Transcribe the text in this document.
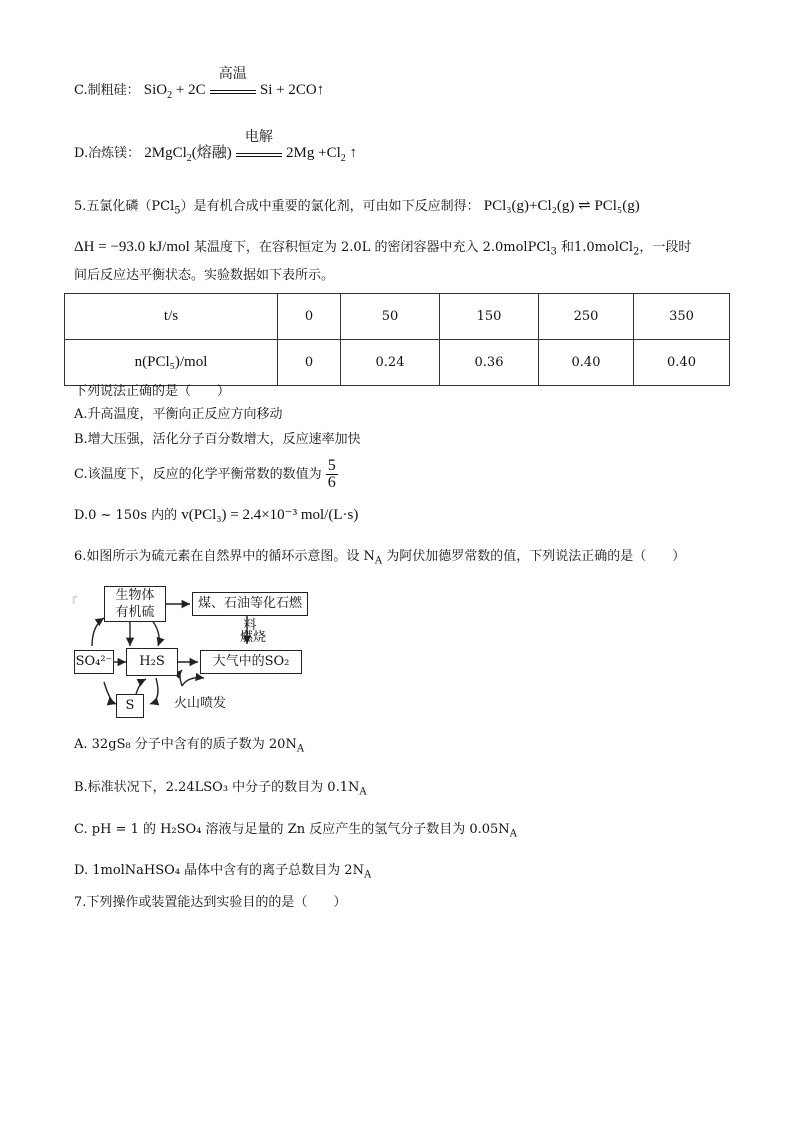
C.制粗硅： SiO$_2$ + 2C
高温
Si + 2CO↑
D.冶炼镁： 2MgCl$_2$(熔融)
电解
$2Mg +Cl_2$ ↑
5.五氯化磷（PCl$_5$）是有机合成中重要的氯化剂，可由如下反应制得： PCl₃(g)+Cl₂(g) ⇌ PCl₅(g)
ΔH = −93.0 kJ/mol 某温度下，在容积恒定为 2.0L 的密闭容器中充入 2.0molPCl$_3$ 和1.0molCl$_2$，一段时
间后反应达平衡状态。实验数据如下表所示。
t/s	0	50	150	250	350
n(PCl₅)/mol	0	0.24	0.36	0.40	0.40
下列说法正确的是（　　）
A.升高温度，平衡向正反应方向移动
B.增大压强，活化分子百分数增大，反应速率加快
C.该温度下，反应的化学平衡常数的数值为 $\frac{5}{6}$
D.0 ~ 150s 内的 v(PCl₃) = 2.4×10⁻³ mol/(L·s)
6.如图所示为硫元素在自然界中的循环示意图。设 $N_A$ 为阿伏加德罗常数的值，下列说法正确的是（　　）
┏	生物体
有机硫
煤、石油等化石燃料
燃烧
SO₄²⁻	H₂S	大气中的SO₂
S	火山喷发
A. 32gS₈ 分子中含有的质子数为 $20N_A$
B.标准状况下，2.24LSO₃ 中分子的数目为 $0.1N_A$
C. pH = 1 的 H₂SO₄ 溶液与足量的 Zn 反应产生的氢气分子数目为 $0.05N_A$
D. 1molNaHSO₄ 晶体中含有的离子总数目为 $2N_A$
7.下列操作或装置能达到实验目的的是（　　）
